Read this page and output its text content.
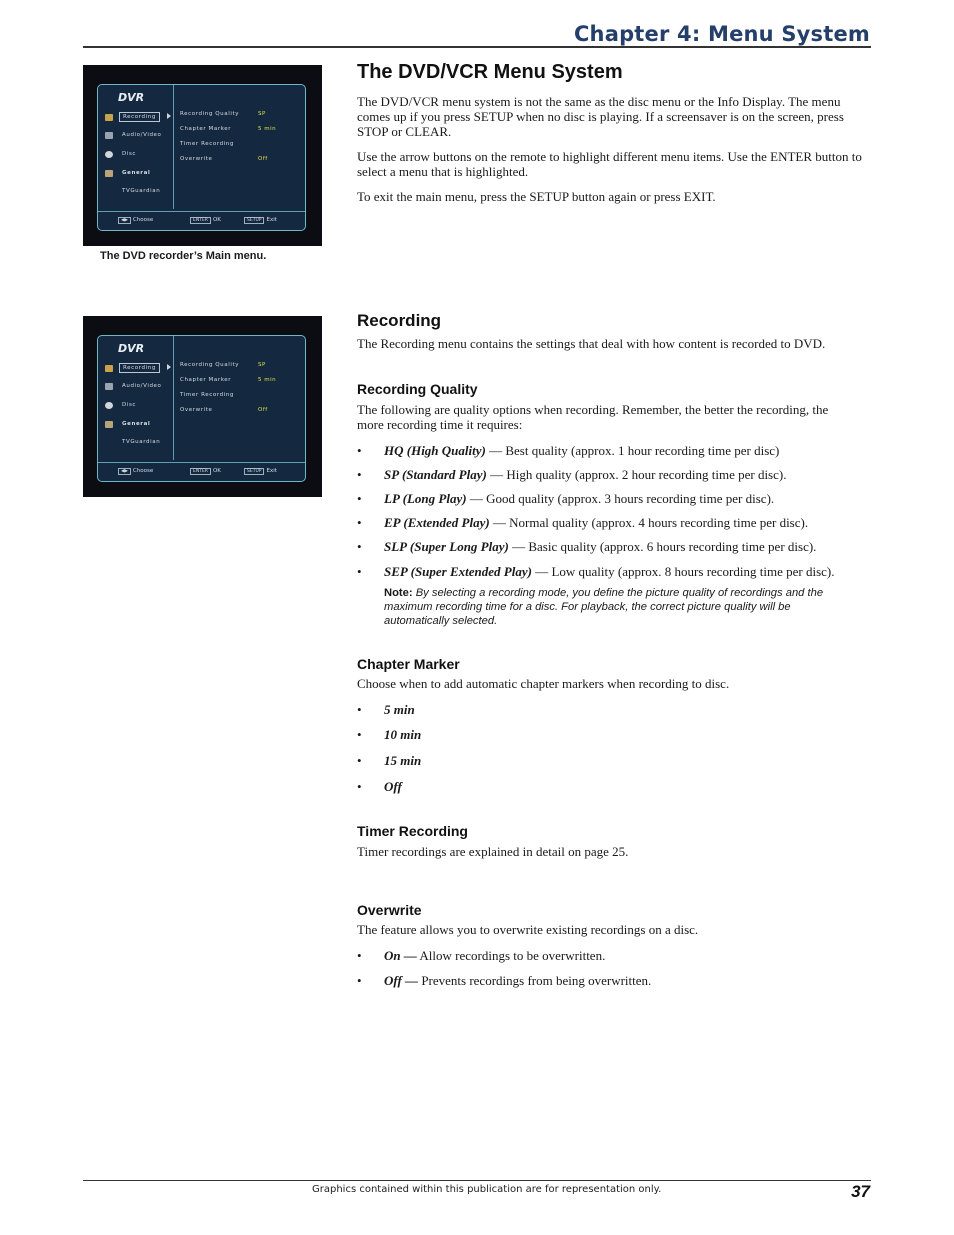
Chapter 4: Menu System
DVR
Recording
Audio/Video
Disc
General
TVGuardian
Recording Quality	SP
Chapter Marker	5 min
Timer Recording
Overwrite	Off
◀▶ Choose	ENTER OK	SETUP Exit
The DVD recorder’s Main menu.
DVR
Recording
Audio/Video
Disc
General
TVGuardian
Recording Quality	SP
Chapter Marker	5 min
Timer Recording
Overwrite	Off
◀▶ Choose	ENTER OK	SETUP Exit
The DVD/VCR Menu System

The DVD/VCR menu system is not the same as the disc menu or the Info Display. The menu comes up if you press SETUP when no disc is playing. If a screensaver is on the screen, press STOP or CLEAR.

Use the arrow buttons on the remote to highlight different menu items. Use the ENTER button to select a menu that is highlighted.

To exit the main menu, press the SETUP button again or press EXIT.

Recording

The Recording menu contains the settings that deal with how content is recorded to DVD.

Recording Quality

The following are quality options when recording. Remember, the better the recording, the more recording time it requires:

• HQ (High Quality) — Best quality (approx. 1 hour recording time per disc)
• SP (Standard Play) — High quality (approx. 2 hour recording time per disc).
• LP (Long Play) — Good quality (approx. 3 hours recording time per disc).
• EP (Extended Play) — Normal quality (approx. 4 hours recording time per disc).
• SLP (Super Long Play) — Basic quality (approx. 6 hours recording time per disc).
• SEP (Super Extended Play) — Low quality (approx. 8 hours recording time per disc).
Note: By selecting a recording mode, you define the picture quality of recordings and the maximum recording time for a disc. For playback, the correct picture quality will be automatically selected.
Chapter Marker

Choose when to add automatic chapter markers when recording to disc.

• 5 min
• 10 min
• 15 min
• Off
Timer Recording

Timer recordings are explained in detail on page 25.

Overwrite

The feature allows you to overwrite existing recordings on a disc.

• On — Allow recordings to be overwritten.
• Off — Prevents recordings from being overwritten.
Graphics contained within this publication are for representation only.	37
